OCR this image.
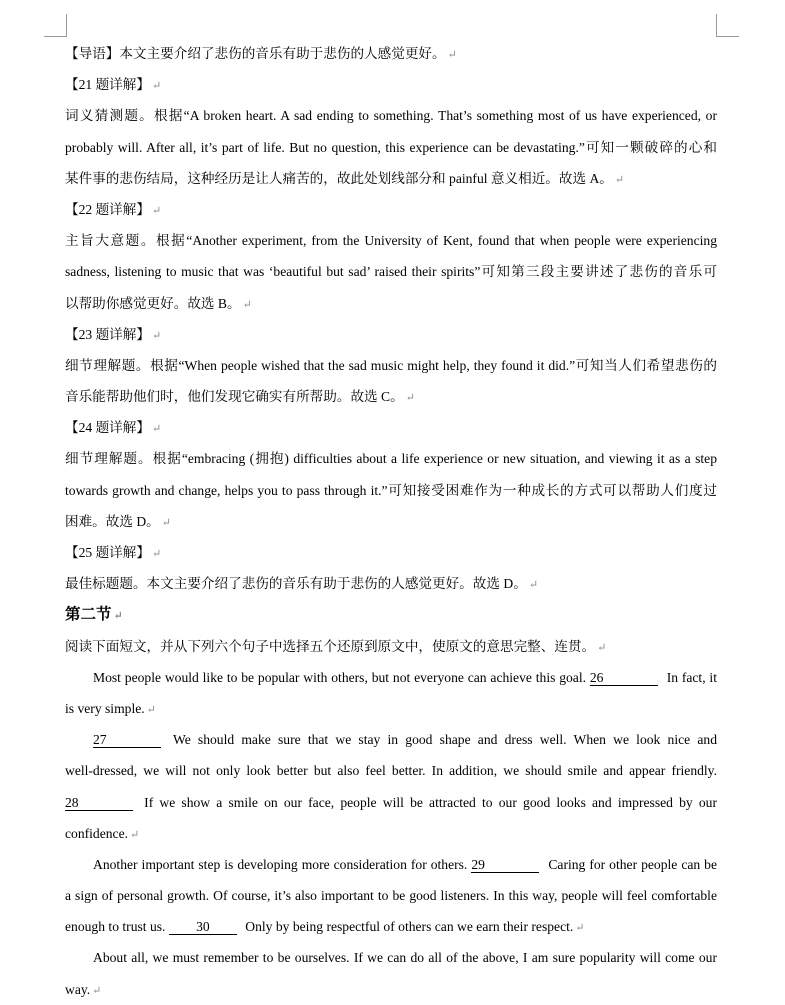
【导语】本文主要介绍了悲伤的音乐有助于悲伤的人感觉更好。 ↵
【21 题详解】 ↵
词义猜测题。根据“A broken heart. A sad ending to something. That’s something most of us have experienced, or
probably will. After all, it’s part of life. But no question, this experience can be devastating.”可知一颗破碎的心和
某件事的悲伤结局，这种经历是让人痛苦的，故此处划线部分和 painful 意义相近。故选 A。 ↵
【22 题详解】 ↵
主旨大意题。根据“Another experiment, from the University of Kent, found that when people were experiencing
sadness, listening to music that was ‘beautiful but sad’ raised their spirits”可知第三段主要讲述了悲伤的音乐可
以帮助你感觉更好。故选 B。 ↵
【23 题详解】 ↵
细节理解题。根据“When people wished that the sad music might help, they found it did.”可知当人们希望悲伤的
音乐能帮助他们时，他们发现它确实有所帮助。故选 C。 ↵
【24 题详解】 ↵
细节理解题。根据“embracing (拥抱) difficulties about a life experience or new situation, and viewing it as a step
towards growth and change, helps you to pass through it.”可知接受困难作为一种成长的方式可以帮助人们度过
困难。故选 D。 ↵
【25 题详解】 ↵
最佳标题题。本文主要介绍了悲伤的音乐有助于悲伤的人感觉更好。故选 D。 ↵
第二节 ↵
阅读下面短文，并从下列六个句子中选择五个还原到原文中，使原文的意思完整、连贯。 ↵
Most people would like to be popular with others, but not everyone can achieve this goal. 26	In fact, it
is very simple. ↵
27	We should make sure that we stay in good shape and dress well. When we look nice and
well-dressed, we will not only look better but also feel better. In addition, we should smile and appear friendly.
28	If we show a smile on our face, people will be attracted to our good looks and impressed by our
confidence. ↵
Another important step is developing more consideration for others. 29	Caring for other people can be
a sign of personal growth. Of course, it’s also important to be good listeners. In this way, people will feel comfortable
enough to trust us. 30	Only by being respectful of others can we earn their respect. ↵
About all, we must remember to be ourselves. If we can do all of the above, I am sure popularity will come our
way. ↵
